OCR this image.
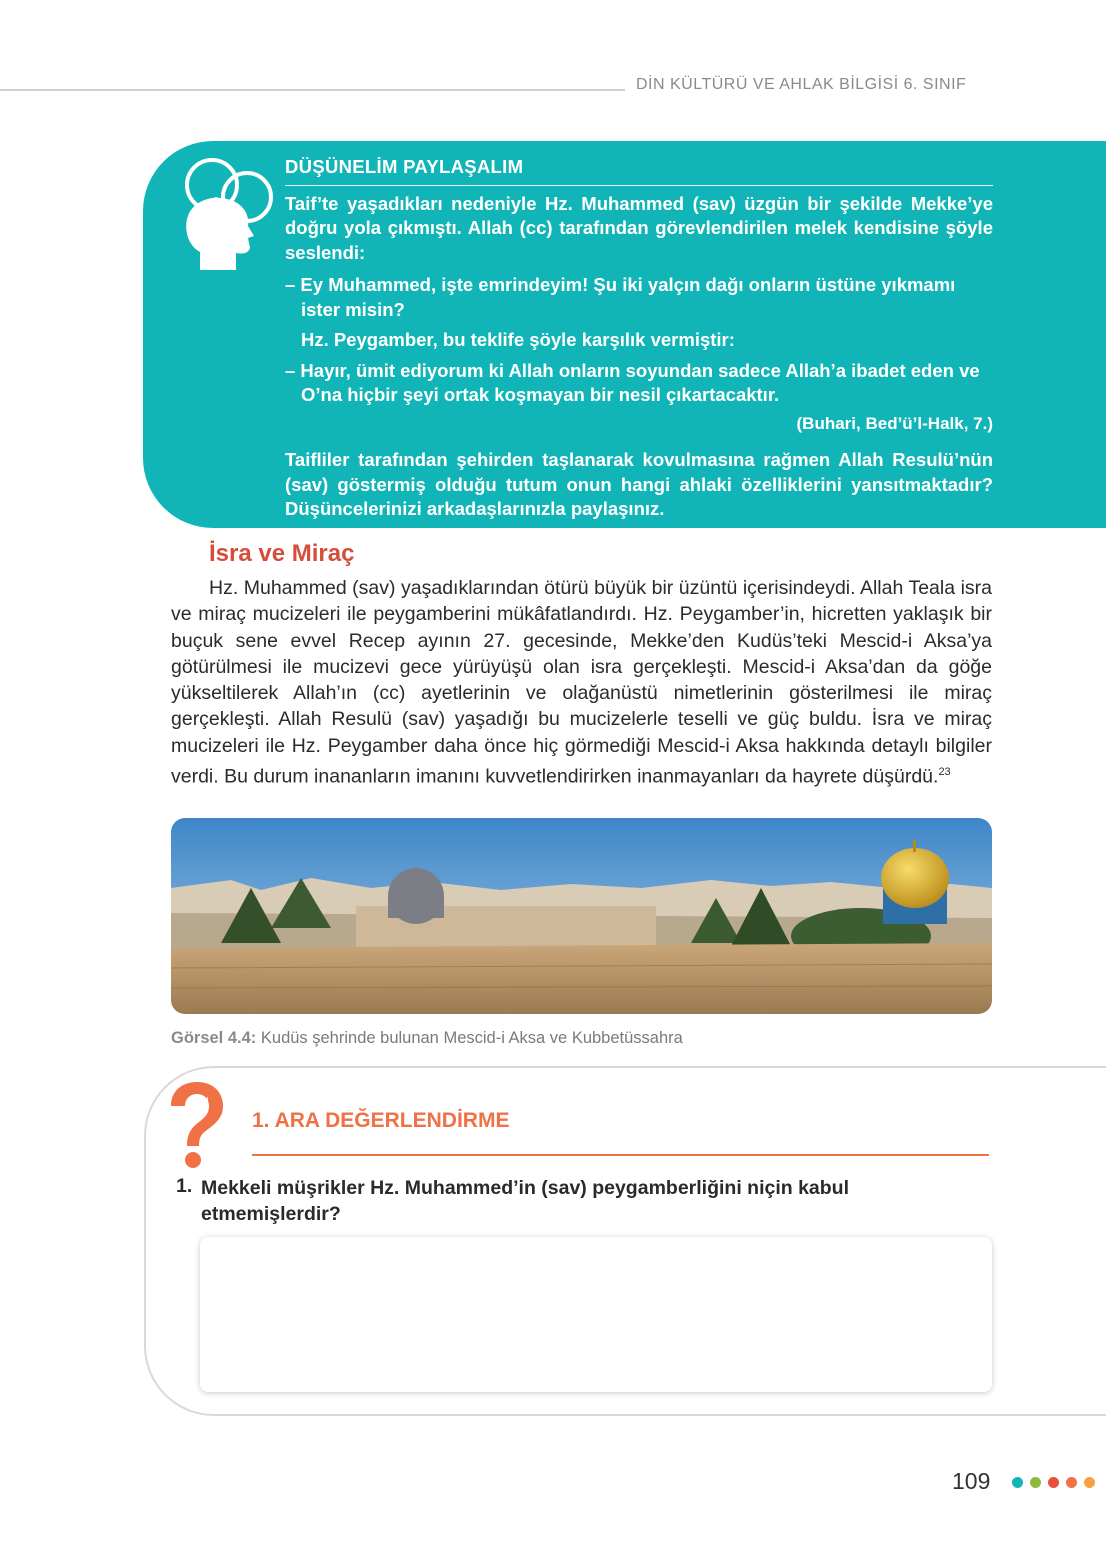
DİN KÜLTÜRÜ VE AHLAK BİLGİSİ 6. SINIF
DÜŞÜNELİM PAYLAŞALIM
Taif’te yaşadıkları nedeniyle Hz. Muhammed (sav) üzgün bir şekilde Mekke’ye doğru yola çıkmıştı. Allah (cc) tarafından görevlendirilen melek kendisine şöyle seslendi:
– Ey Muhammed, işte emrindeyim! Şu iki yalçın dağı onların üstüne yıkmamı ister misin?
Hz. Peygamber, bu teklife şöyle karşılık vermiştir:
– Hayır, ümit ediyorum ki Allah onların soyundan sadece Allah’a ibadet eden ve O’na hiçbir şeyi ortak koşmayan bir nesil çıkartacaktır.
(Buhari, Bed’ü’l-Halk, 7.)
Taifliler tarafından şehirden taşlanarak kovulmasına rağmen Allah Resulü’nün (sav) göstermiş olduğu tutum onun hangi ahlaki özelliklerini yansıtmaktadır? Düşüncelerinizi arkadaşlarınızla paylaşınız.
İsra ve Miraç
Hz. Muhammed (sav) yaşadıklarından ötürü büyük bir üzüntü içerisindeydi. Allah Teala isra ve miraç mucizeleri ile peygamberini mükâfatlandırdı. Hz. Peygamber’in, hicretten yaklaşık bir buçuk sene evvel Recep ayının 27. gecesinde, Mekke’den Kudüs’teki Mescid-i Aksa’ya götürülmesi ile mucizevi gece yürüyüşü olan isra gerçekleşti. Mescid-i Aksa’dan da göğe yükseltilerek Allah’ın (cc) ayetlerinin ve olağanüstü nimetlerinin gösterilmesi ile miraç gerçekleşti. Allah Resulü (sav) yaşadığı bu mucizelerle teselli ve güç buldu. İsra ve miraç mucizeleri ile Hz. Peygamber daha önce hiç görmediği Mescid-i Aksa hakkında detaylı bilgiler verdi. Bu durum inananların imanını kuvvetlendirirken inanmayanları da hayrete düşürdü.$^{23}$
Görsel 4.4: Kudüs şehrinde bulunan Mescid-i Aksa ve Kubbetüssahra
abcd
1. ARA DEĞERLENDİRME
1. Mekkeli müşrikler Hz. Muhammed’in (sav) peygamberliğini niçin kabul etmemişlerdir?
109
